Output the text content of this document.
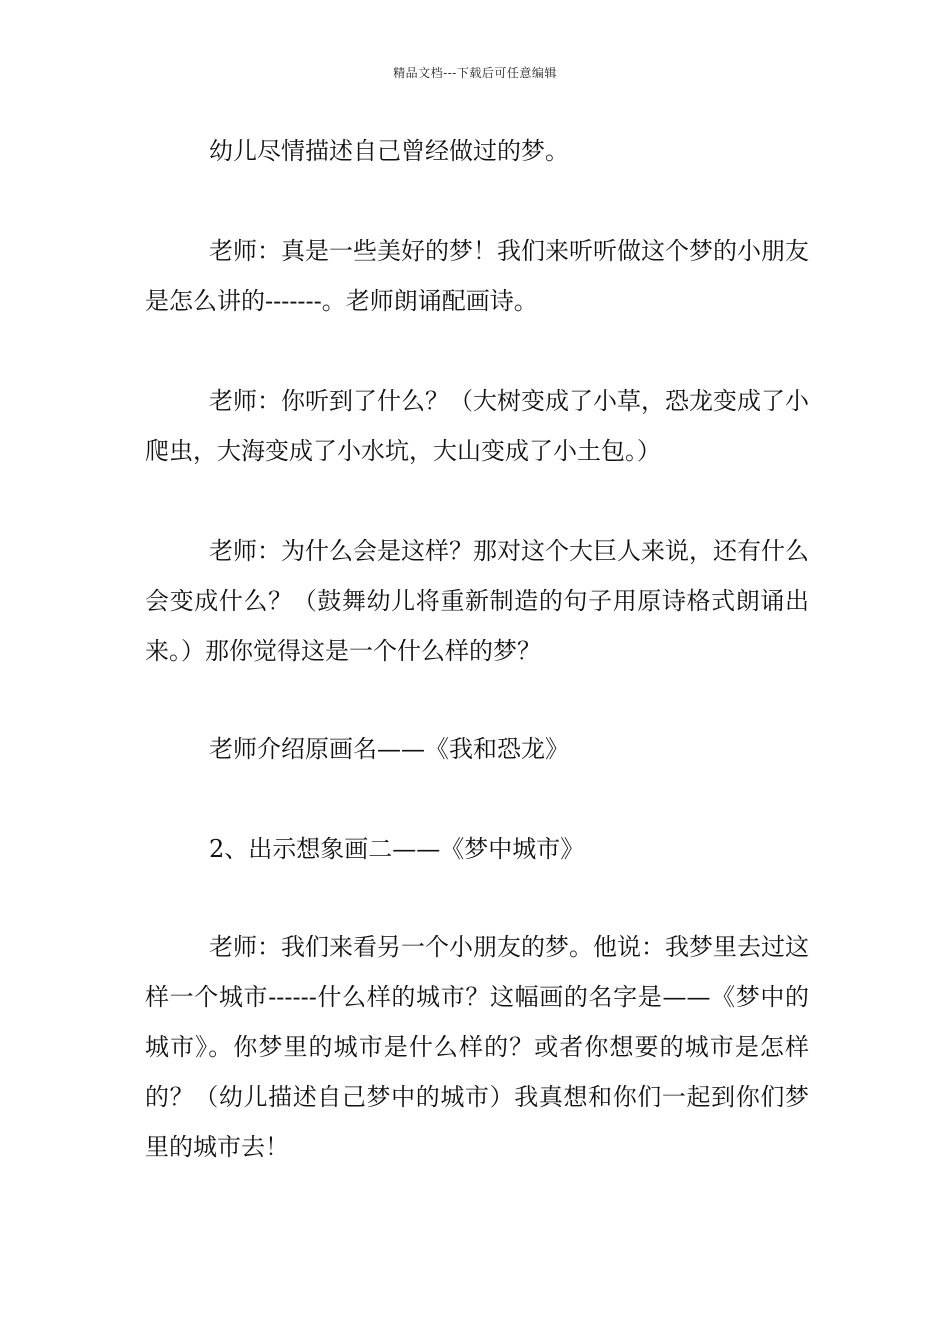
精品文档---下载后可任意编辑

幼儿尽情描述自己曾经做过的梦。

老师：真是一些美好的梦！我们来听听做这个梦的小朋友是怎么讲的-------。老师朗诵配画诗。

老师：你听到了什么？（大树变成了小草，恐龙变成了小爬虫，大海变成了小水坑，大山变成了小土包。）

老师：为什么会是这样？那对这个大巨人来说，还有什么会变成什么？（鼓舞幼儿将重新制造的句子用原诗格式朗诵出来。）那你觉得这是一个什么样的梦？

老师介绍原画名——《我和恐龙》

2、出示想象画二——《梦中城市》

老师：我们来看另一个小朋友的梦。他说：我梦里去过这样一个城市------什么样的城市？这幅画的名字是——《梦中的城市》。你梦里的城市是什么样的？或者你想要的城市是怎样的？（幼儿描述自己梦中的城市）我真想和你们一起到你们梦里的城市去！
